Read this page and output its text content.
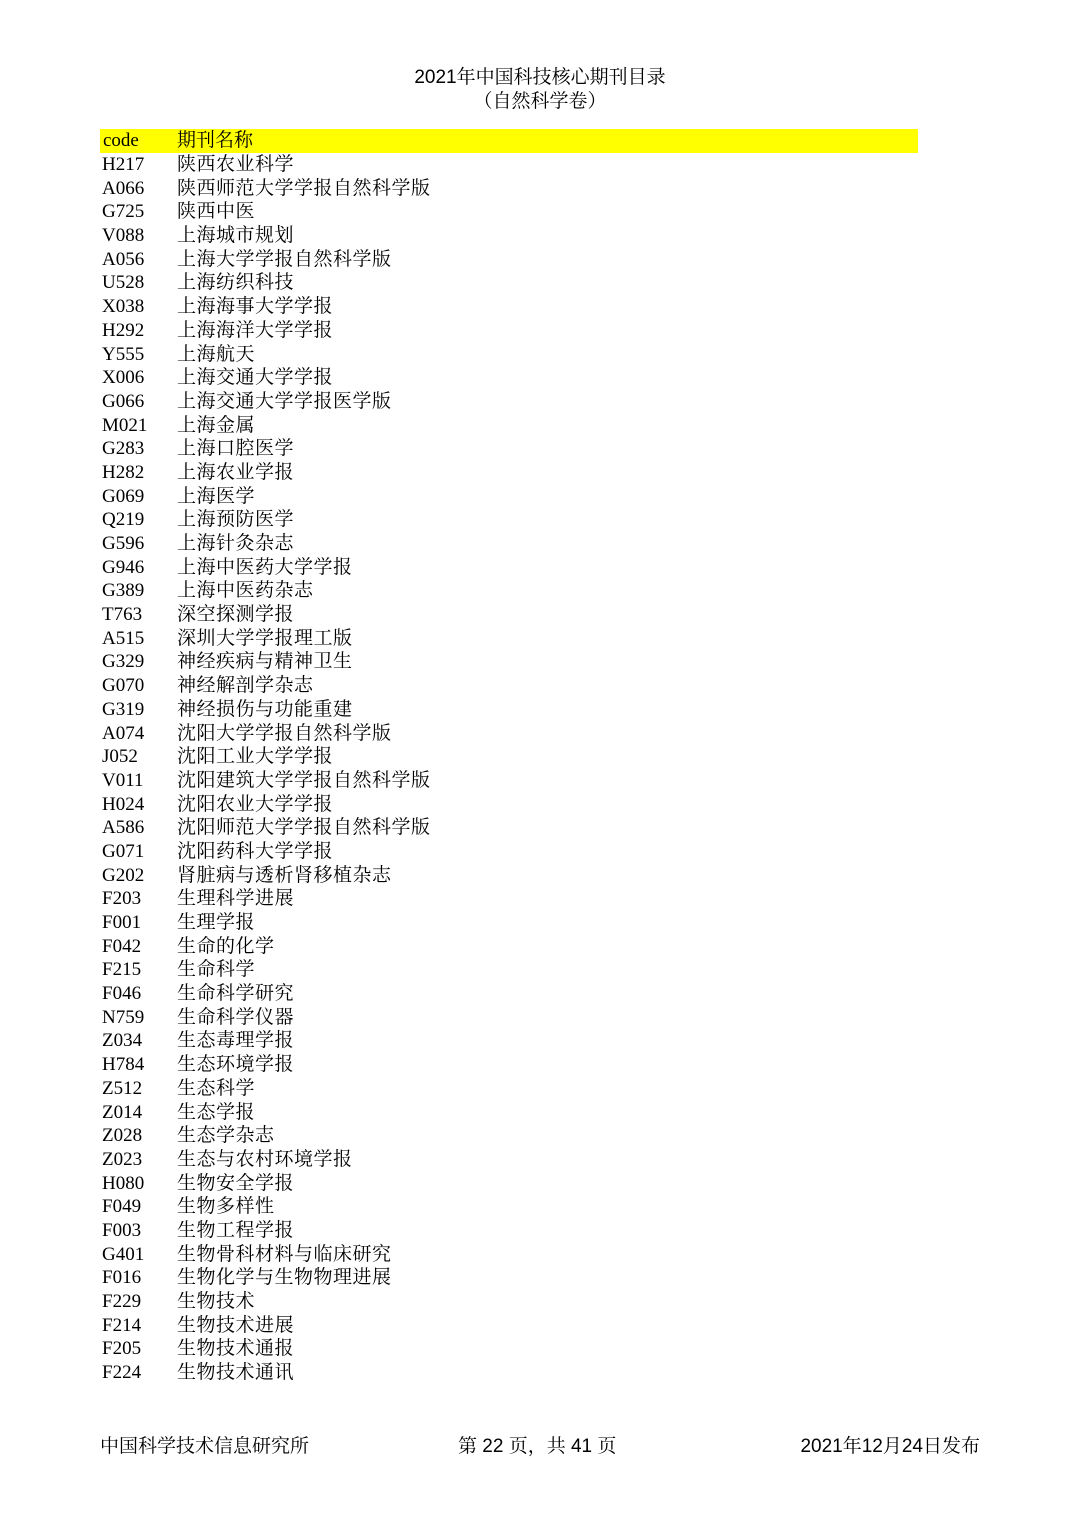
2021年中国科技核心期刊目录
（自然科学卷）
code 期刊名称
H217 陕西农业科学
A066 陕西师范大学学报自然科学版
G725 陕西中医
V088 上海城市规划
A056 上海大学学报自然科学版
U528 上海纺织科技
X038 上海海事大学学报
H292 上海海洋大学学报
Y555 上海航天
X006 上海交通大学学报
G066 上海交通大学学报医学版
M021 上海金属
G283 上海口腔医学
H282 上海农业学报
G069 上海医学
Q219 上海预防医学
G596 上海针灸杂志
G946 上海中医药大学学报
G389 上海中医药杂志
T763 深空探测学报
A515 深圳大学学报理工版
G329 神经疾病与精神卫生
G070 神经解剖学杂志
G319 神经损伤与功能重建
A074 沈阳大学学报自然科学版
J052 沈阳工业大学学报
V011 沈阳建筑大学学报自然科学版
H024 沈阳农业大学学报
A586 沈阳师范大学学报自然科学版
G071 沈阳药科大学学报
G202 肾脏病与透析肾移植杂志
F203 生理科学进展
F001 生理学报
F042 生命的化学
F215 生命科学
F046 生命科学研究
N759 生命科学仪器
Z034 生态毒理学报
H784 生态环境学报
Z512 生态科学
Z014 生态学报
Z028 生态学杂志
Z023 生态与农村环境学报
H080 生物安全学报
F049 生物多样性
F003 生物工程学报
G401 生物骨科材料与临床研究
F016 生物化学与生物物理进展
F229 生物技术
F214 生物技术进展
F205 生物技术通报
F224 生物技术通讯
中国科学技术信息研究所	第 22 页，共 41 页	2021年12月24日发布
